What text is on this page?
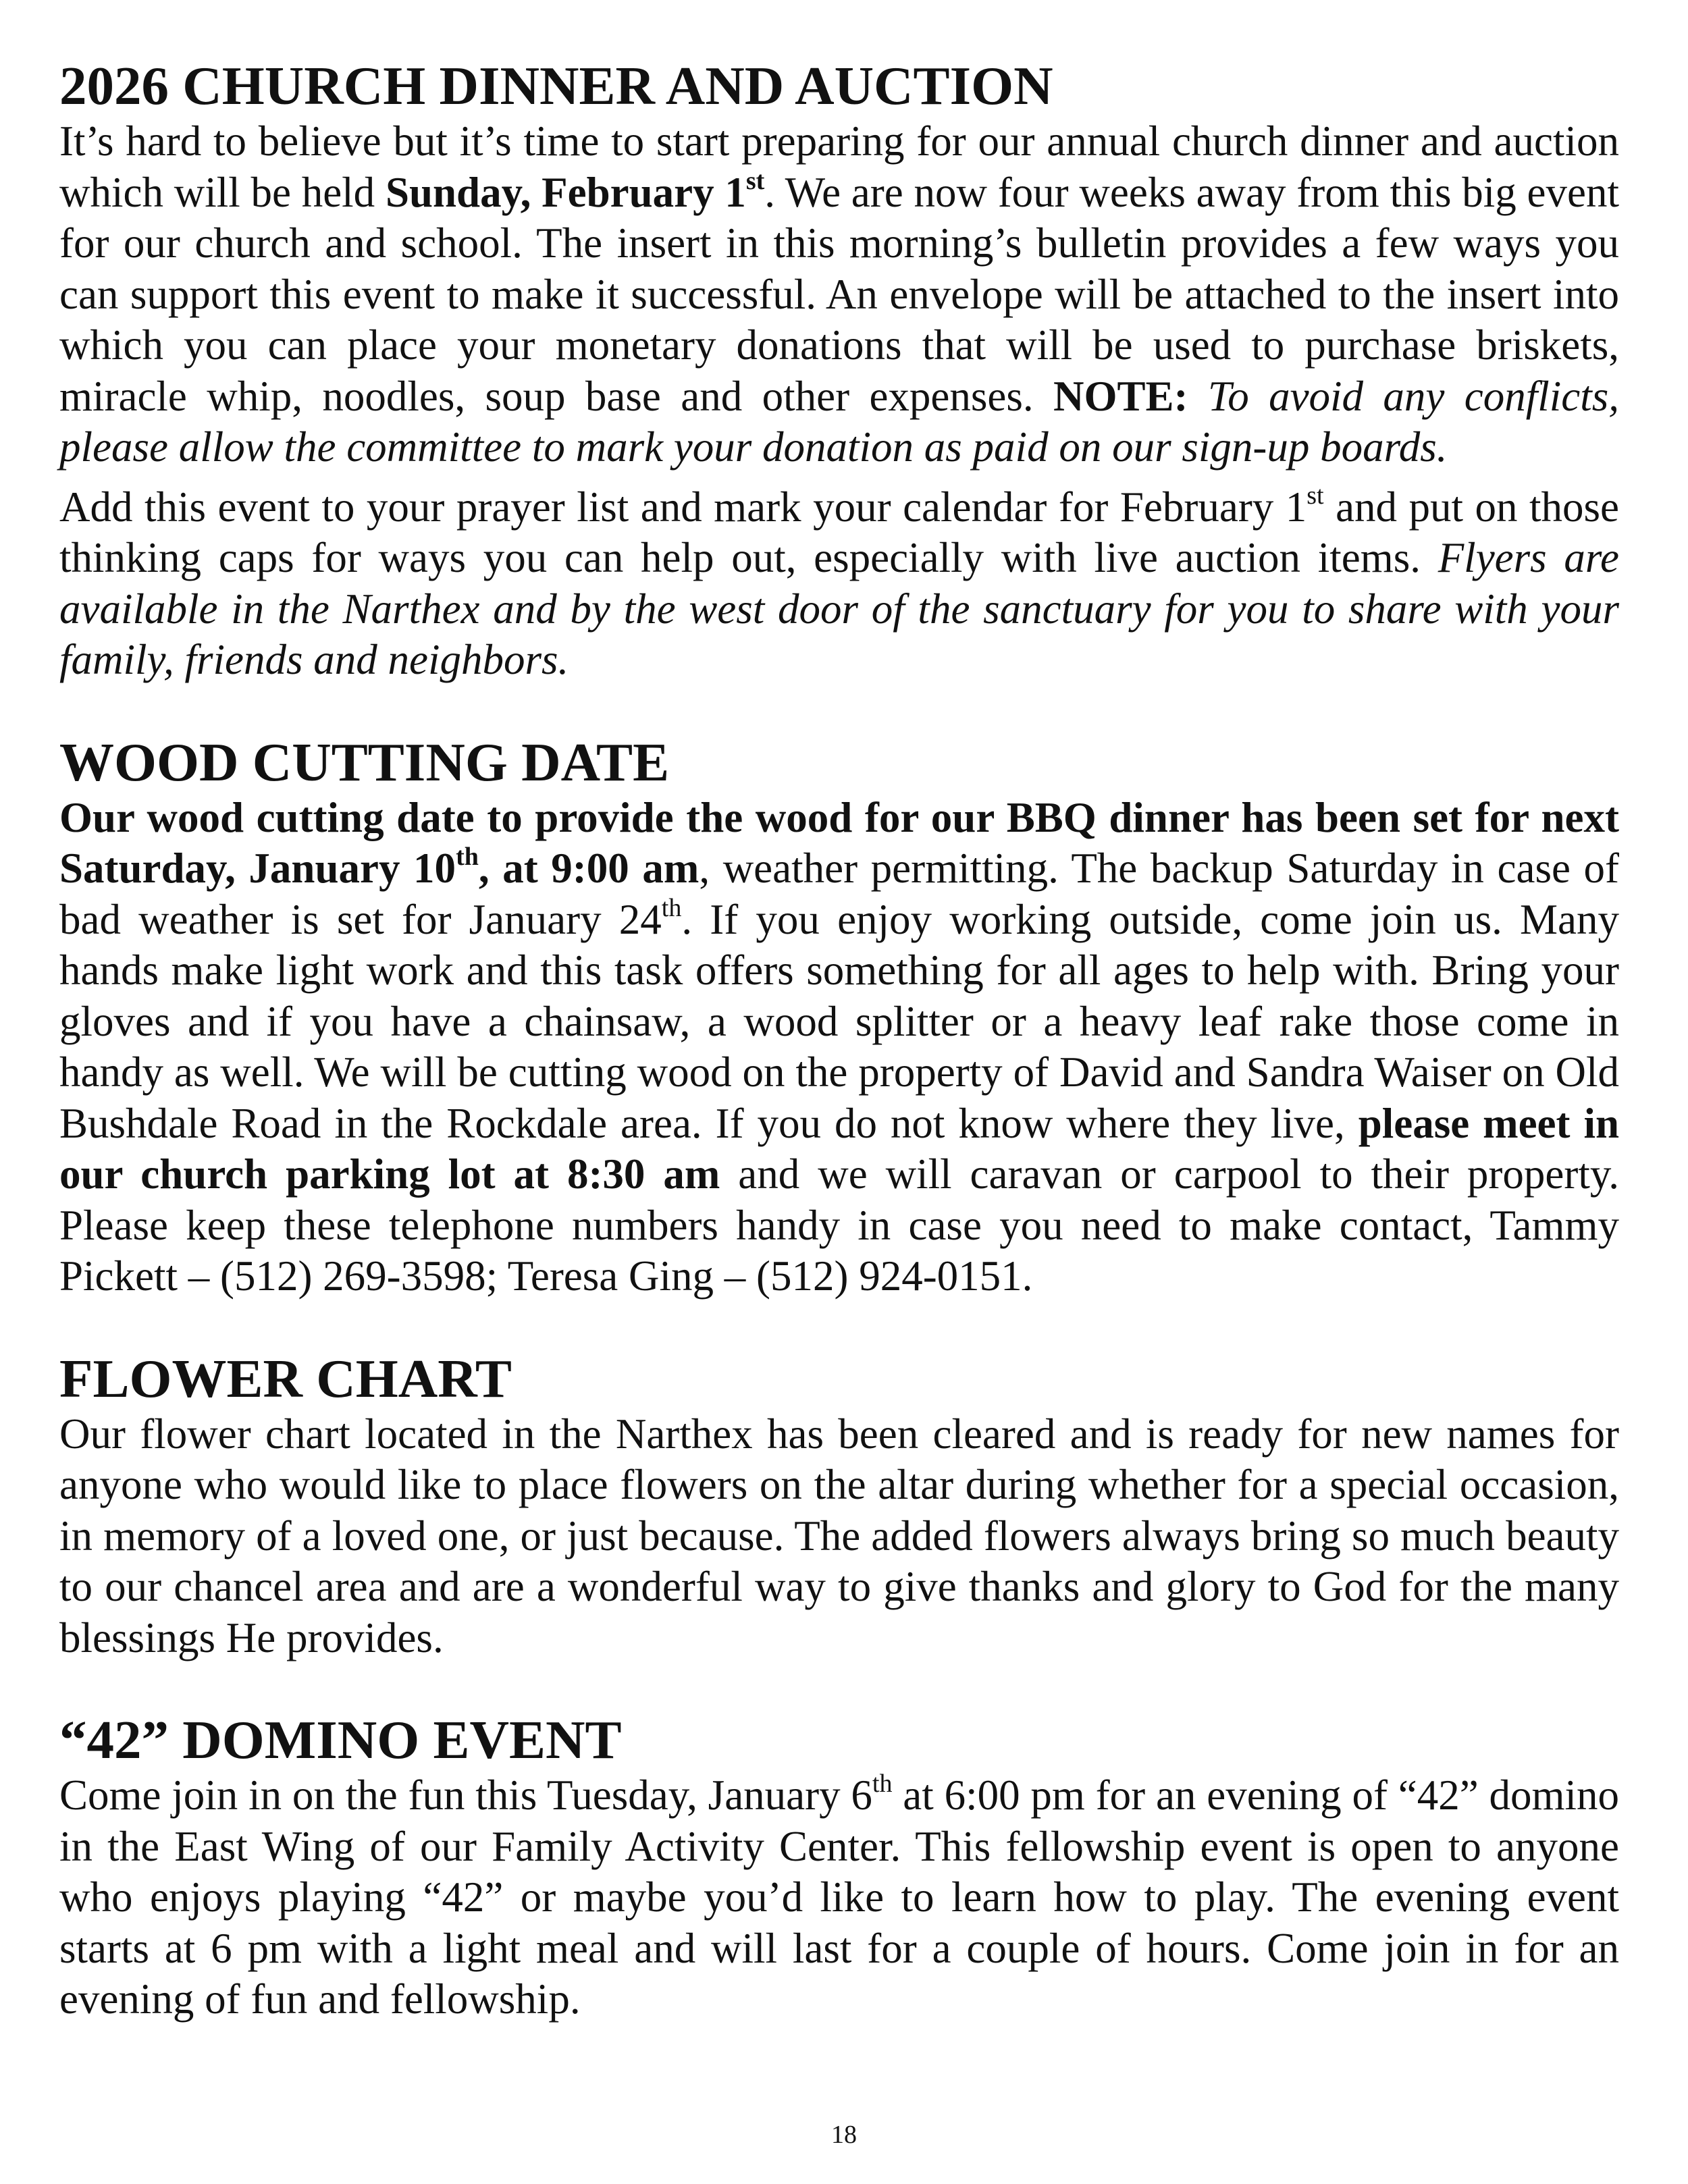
2026 CHURCH DINNER AND AUCTION

It’s hard to believe but it’s time to start preparing for our annual church dinner and auction which will be held Sunday, February 1st. We are now four weeks away from this big event for our church and school. The insert in this morning’s bulletin provides a few ways you can support this event to make it successful. An envelope will be attached to the insert into which you can place your monetary donations that will be used to purchase briskets, miracle whip, noodles, soup base and other expenses. NOTE: To avoid any conflicts, please allow the committee to mark your donation as paid on our sign-up boards.

Add this event to your prayer list and mark your calendar for February 1st and put on those thinking caps for ways you can help out, especially with live auction items. Flyers are available in the Narthex and by the west door of the sanctuary for you to share with your family, friends and neighbors.

WOOD CUTTING DATE

Our wood cutting date to provide the wood for our BBQ dinner has been set for next Saturday, January 10th, at 9:00 am, weather permitting. The backup Saturday in case of bad weather is set for January 24th. If you enjoy working outside, come join us. Many hands make light work and this task offers something for all ages to help with. Bring your gloves and if you have a chainsaw, a wood splitter or a heavy leaf rake those come in handy as well. We will be cutting wood on the property of David and Sandra Waiser on Old Bushdale Road in the Rockdale area. If you do not know where they live, please meet in our church parking lot at 8:30 am and we will caravan or carpool to their property. Please keep these telephone numbers handy in case you need to make contact, Tammy Pickett – (512) 269-3598; Teresa Ging – (512) 924-0151.

FLOWER CHART

Our flower chart located in the Narthex has been cleared and is ready for new names for anyone who would like to place flowers on the altar during whether for a special occasion, in memory of a loved one, or just because. The added flowers always bring so much beauty to our chancel area and are a wonderful way to give thanks and glory to God for the many blessings He provides.

“42” DOMINO EVENT

Come join in on the fun this Tuesday, January 6th at 6:00 pm for an evening of “42” domino in the East Wing of our Family Activity Center. This fellowship event is open to anyone who enjoys playing “42” or maybe you’d like to learn how to play. The evening event starts at 6 pm with a light meal and will last for a couple of hours. Come join in for an evening of fun and fellowship.

18
